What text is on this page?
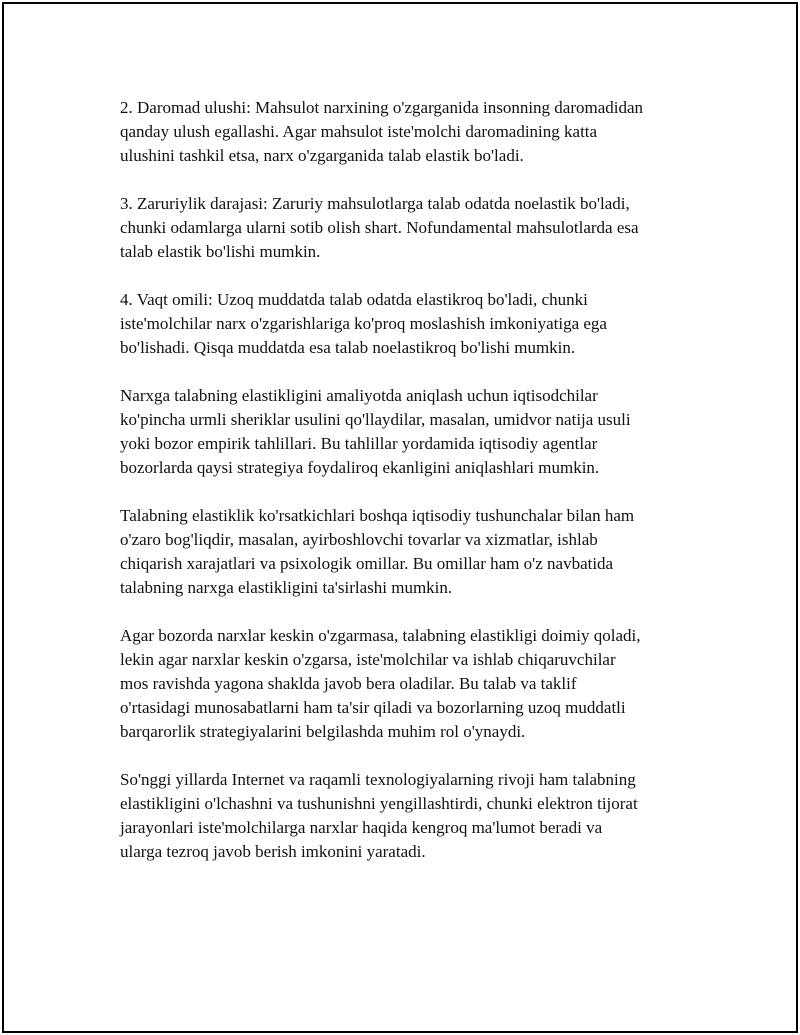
2. Daromad ulushi: Mahsulot narxining o'zgarganida insonning daromadidan
qanday ulush egallashi. Agar mahsulot iste'molchi daromadining katta
ulushini tashkil etsa, narx o'zgarganida talab elastik bo'ladi.

3. Zaruriylik darajasi: Zaruriy mahsulotlarga talab odatda noelastik bo'ladi,
chunki odamlarga ularni sotib olish shart. Nofundamental mahsulotlarda esa
talab elastik bo'lishi mumkin.

4. Vaqt omili: Uzoq muddatda talab odatda elastikroq bo'ladi, chunki
iste'molchilar narx o'zgarishlariga ko'proq moslashish imkoniyatiga ega
bo'lishadi. Qisqa muddatda esa talab noelastikroq bo'lishi mumkin.

Narxga talabning elastikligini amaliyotda aniqlash uchun iqtisodchilar
ko'pincha urmli sheriklar usulini qo'llaydilar, masalan, umidvor natija usuli
yoki bozor empirik tahlillari. Bu tahlillar yordamida iqtisodiy agentlar
bozorlarda qaysi strategiya foydaliroq ekanligini aniqlashlari mumkin.

Talabning elastiklik ko'rsatkichlari boshqa iqtisodiy tushunchalar bilan ham
o'zaro bog'liqdir, masalan, ayirboshlovchi tovarlar va xizmatlar, ishlab
chiqarish xarajatlari va psixologik omillar. Bu omillar ham o'z navbatida
talabning narxga elastikligini ta'sirlashi mumkin.

Agar bozorda narxlar keskin o'zgarmasa, talabning elastikligi doimiy qoladi,
lekin agar narxlar keskin o'zgarsa, iste'molchilar va ishlab chiqaruvchilar
mos ravishda yagona shaklda javob bera oladilar. Bu talab va taklif
o'rtasidagi munosabatlarni ham ta'sir qiladi va bozorlarning uzoq muddatli
barqarorlik strategiyalarini belgilashda muhim rol o'ynaydi.

So'nggi yillarda Internet va raqamli texnologiyalarning rivoji ham talabning
elastikligini o'lchashni va tushunishni yengillashtirdi, chunki elektron tijorat
jarayonlari iste'molchilarga narxlar haqida kengroq ma'lumot beradi va
ularga tezroq javob berish imkonini yaratadi.
